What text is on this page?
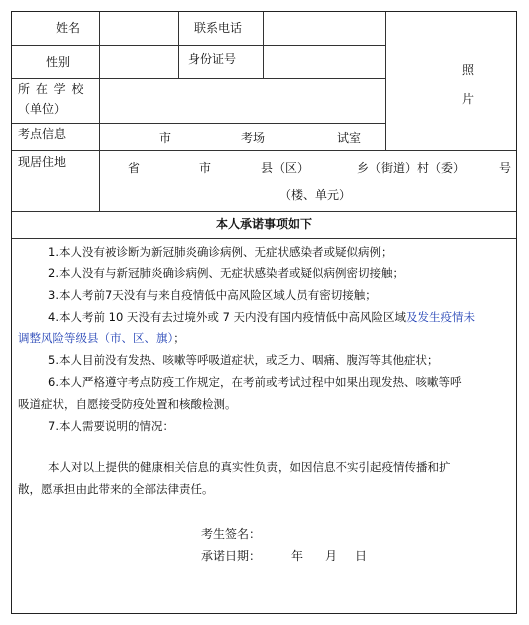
姓名	联系电话
性别	身份证号
所 在 学 校
（单位）
考点信息	市	考场	试室
现居住地	省	市	县（区）	乡（街道）村（委）	号
（楼、单元）
照
片
本人承诺事项如下
1.本人没有被诊断为新冠肺炎确诊病例、无症状感染者或疑似病例；
2.本人没有与新冠肺炎确诊病例、无症状感染者或疑似病例密切接触；
3.本人考前7天没有与来自疫情低中高风险区域人员有密切接触；
4.本人考前 10 天没有去过境外或 7 天内没有国内疫情低中高风险区域及发生疫情未
调整风险等级县（市、区、旗）；
5.本人目前没有发热、咳嗽等呼吸道症状，或乏力、咽痛、腹泻等其他症状；
6.本人严格遵守考点防疫工作规定，在考前或考试过程中如果出现发热、咳嗽等呼
吸道症状，自愿接受防疫处置和核酸检测。
7.本人需要说明的情况：
本人对以上提供的健康相关信息的真实性负责，如因信息不实引起疫情传播和扩
散，愿承担由此带来的全部法律责任。
考生签名：
承诺日期： 年 月 日
